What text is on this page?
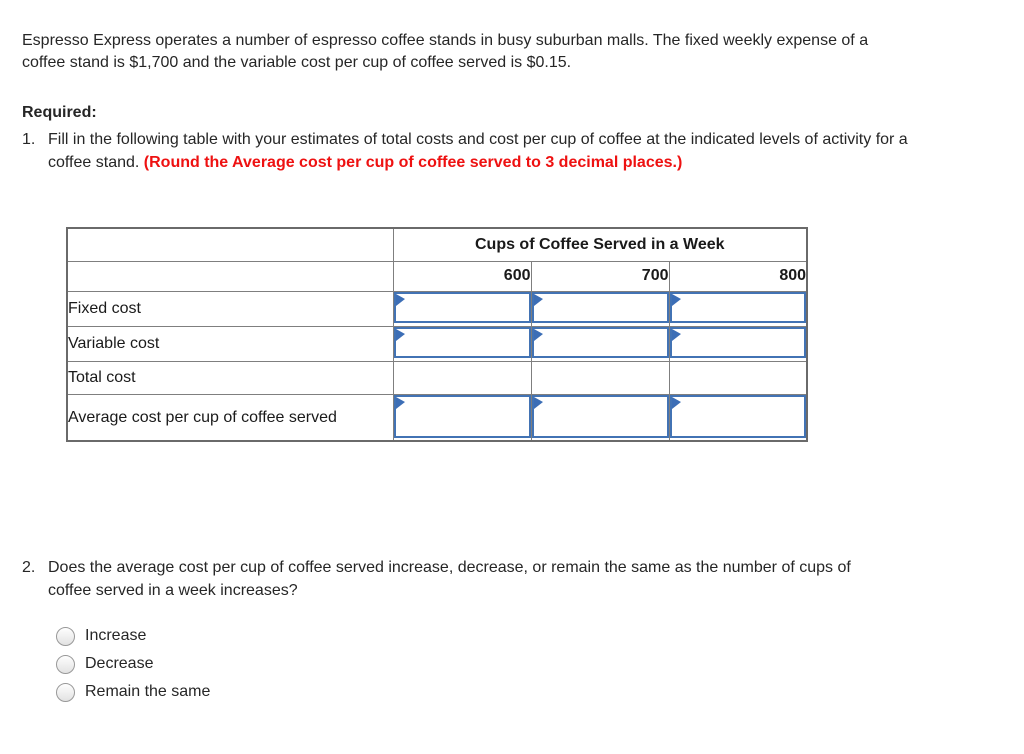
Espresso Express operates a number of espresso coffee stands in busy suburban malls. The fixed weekly expense of a coffee stand is $1,700 and the variable cost per cup of coffee served is $0.15.

Required:
1. Fill in the following table with your estimates of total costs and cost per cup of coffee at the indicated levels of activity for a coffee stand. (Round the Average cost per cup of coffee served to 3 decimal places.)
	Cups of Coffee Served in a Week		
	600	700	800
Fixed cost	

Variable cost	

Total cost			
Average cost per cup of coffee served	

2. Does the average cost per cup of coffee served increase, decrease, or remain the same as the number of cups of coffee served in a week increases?
Increase
Decrease
Remain the same
